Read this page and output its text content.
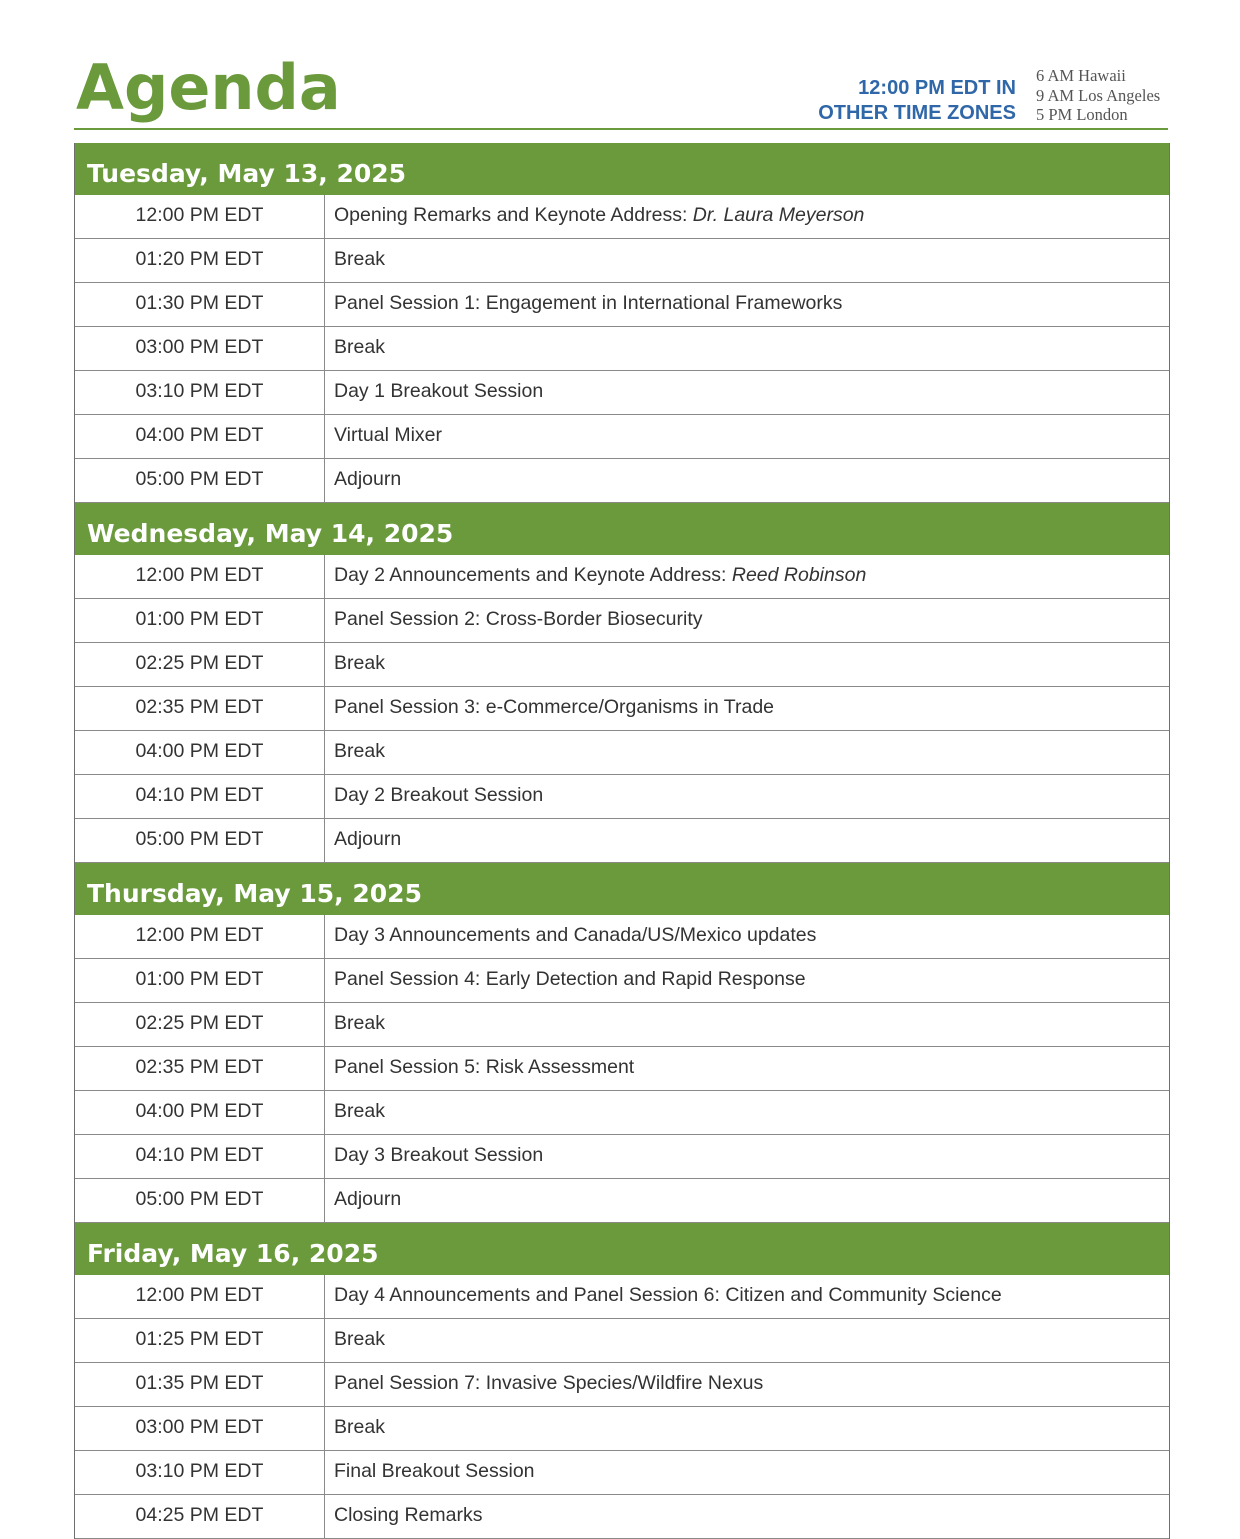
Agenda	12:00 PM EDT IN
OTHER TIME ZONES
6 AM Hawaii
9 AM Los Angeles
5 PM London
Tuesday, May 13, 2025
12:00 PM EDT	Opening Remarks and Keynote Address: Dr. Laura Meyerson
01:20 PM EDT	Break
01:30 PM EDT	Panel Session 1: Engagement in International Frameworks
03:00 PM EDT	Break
03:10 PM EDT	Day 1 Breakout Session
04:00 PM EDT	Virtual Mixer
05:00 PM EDT	Adjourn
Wednesday, May 14, 2025
12:00 PM EDT	Day 2 Announcements and Keynote Address: Reed Robinson
01:00 PM EDT	Panel Session 2: Cross-Border Biosecurity
02:25 PM EDT	Break
02:35 PM EDT	Panel Session 3: e-Commerce/Organisms in Trade
04:00 PM EDT	Break
04:10 PM EDT	Day 2 Breakout Session
05:00 PM EDT	Adjourn
Thursday, May 15, 2025
12:00 PM EDT	Day 3 Announcements and Canada/US/Mexico updates
01:00 PM EDT	Panel Session 4: Early Detection and Rapid Response
02:25 PM EDT	Break
02:35 PM EDT	Panel Session 5: Risk Assessment
04:00 PM EDT	Break
04:10 PM EDT	Day 3 Breakout Session
05:00 PM EDT	Adjourn
Friday, May 16, 2025
12:00 PM EDT	Day 4 Announcements and Panel Session 6: Citizen and Community Science
01:25 PM EDT	Break
01:35 PM EDT	Panel Session 7: Invasive Species/Wildfire Nexus
03:00 PM EDT	Break
03:10 PM EDT	Final Breakout Session
04:25 PM EDT	Closing Remarks
